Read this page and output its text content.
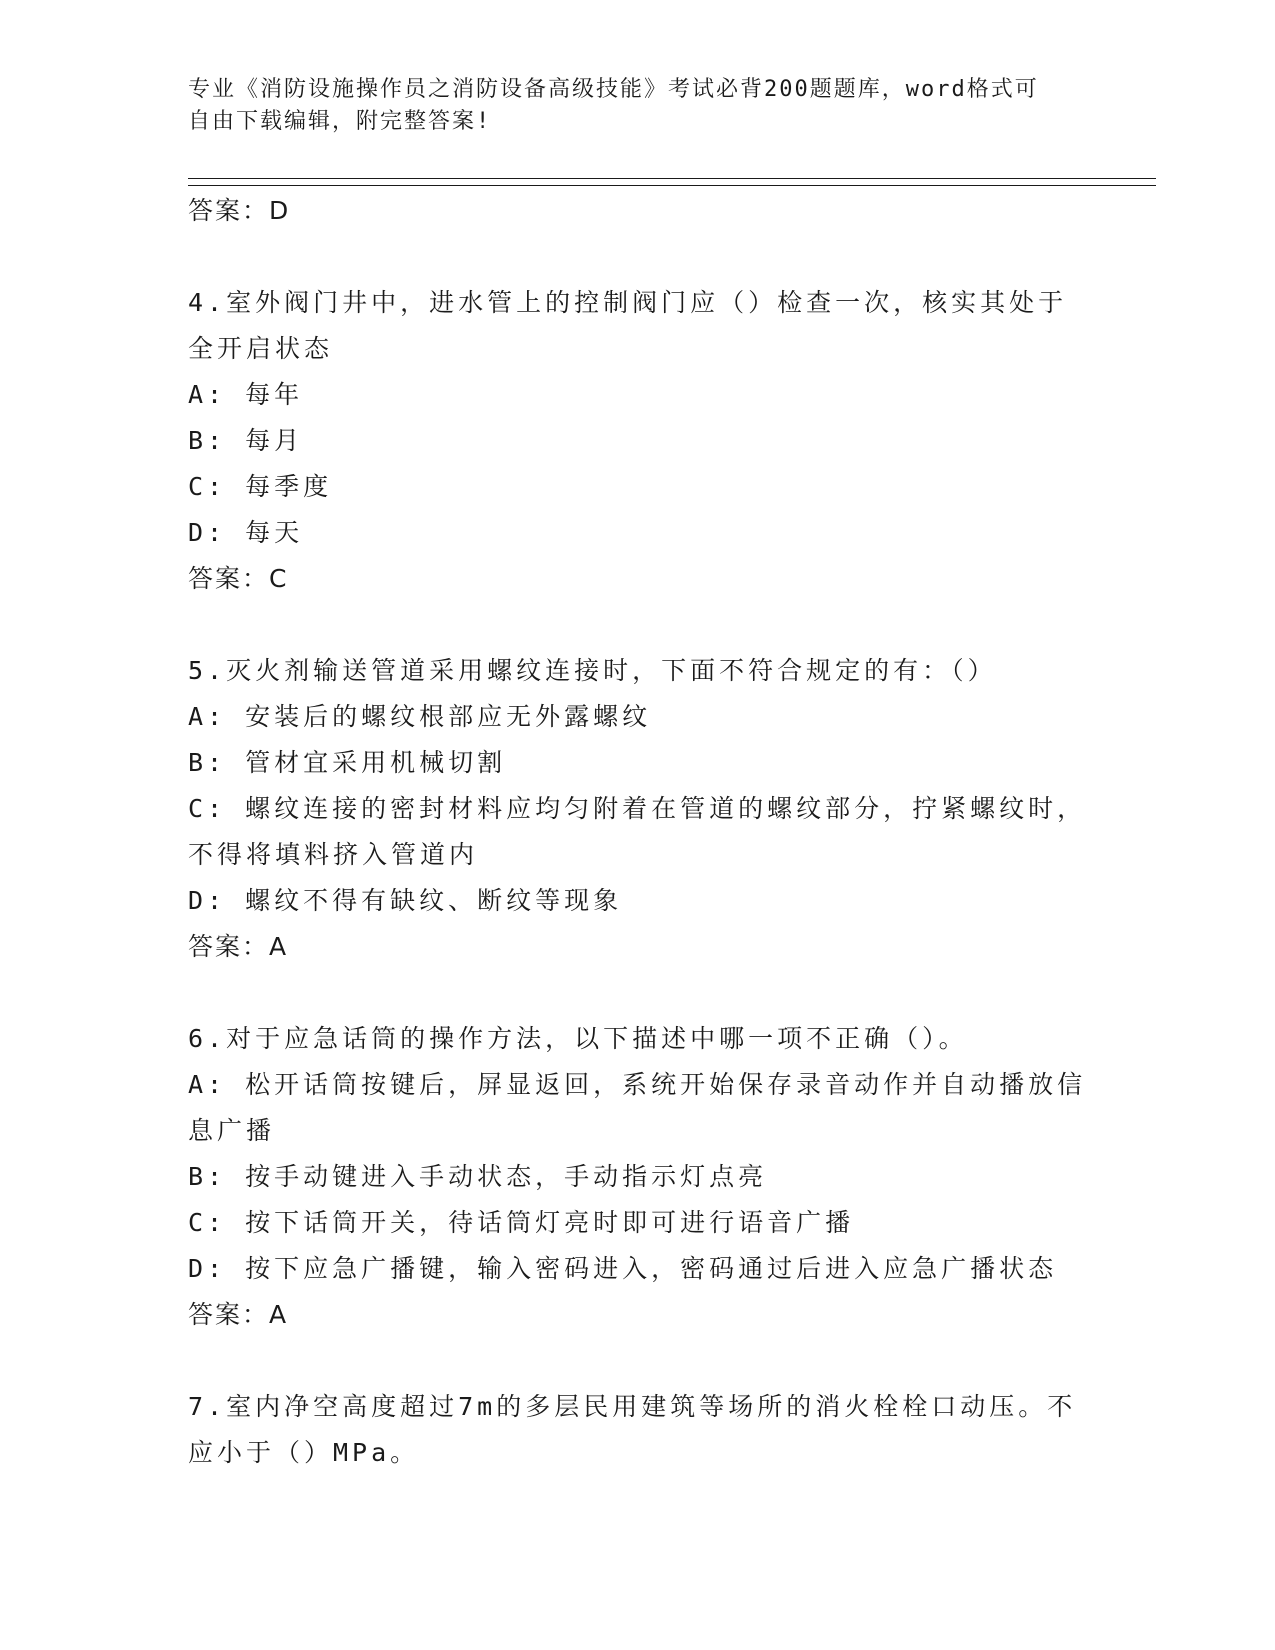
专业《消防设施操作员之消防设备高级技能》考试必背200题题库，word格式可
自由下载编辑，附完整答案!
答案：D
4.室外阀门井中，进水管上的控制阀门应（）检查一次，核实其处于
全开启状态
A: 每年
B: 每月
C: 每季度
D: 每天
答案：C
5.灭火剂输送管道采用螺纹连接时，下面不符合规定的有：（）
A: 安装后的螺纹根部应无外露螺纹
B: 管材宜采用机械切割
C: 螺纹连接的密封材料应均匀附着在管道的螺纹部分，拧紧螺纹时，
不得将填料挤入管道内
D: 螺纹不得有缺纹、断纹等现象
答案：A
6.对于应急话筒的操作方法，以下描述中哪一项不正确（）。
A: 松开话筒按键后，屏显返回，系统开始保存录音动作并自动播放信
息广播
B: 按手动键进入手动状态，手动指示灯点亮
C: 按下话筒开关，待话筒灯亮时即可进行语音广播
D: 按下应急广播键，输入密码进入，密码通过后进入应急广播状态
答案：A
7.室内净空高度超过7m的多层民用建筑等场所的消火栓栓口动压。不
应小于（）MPa。
